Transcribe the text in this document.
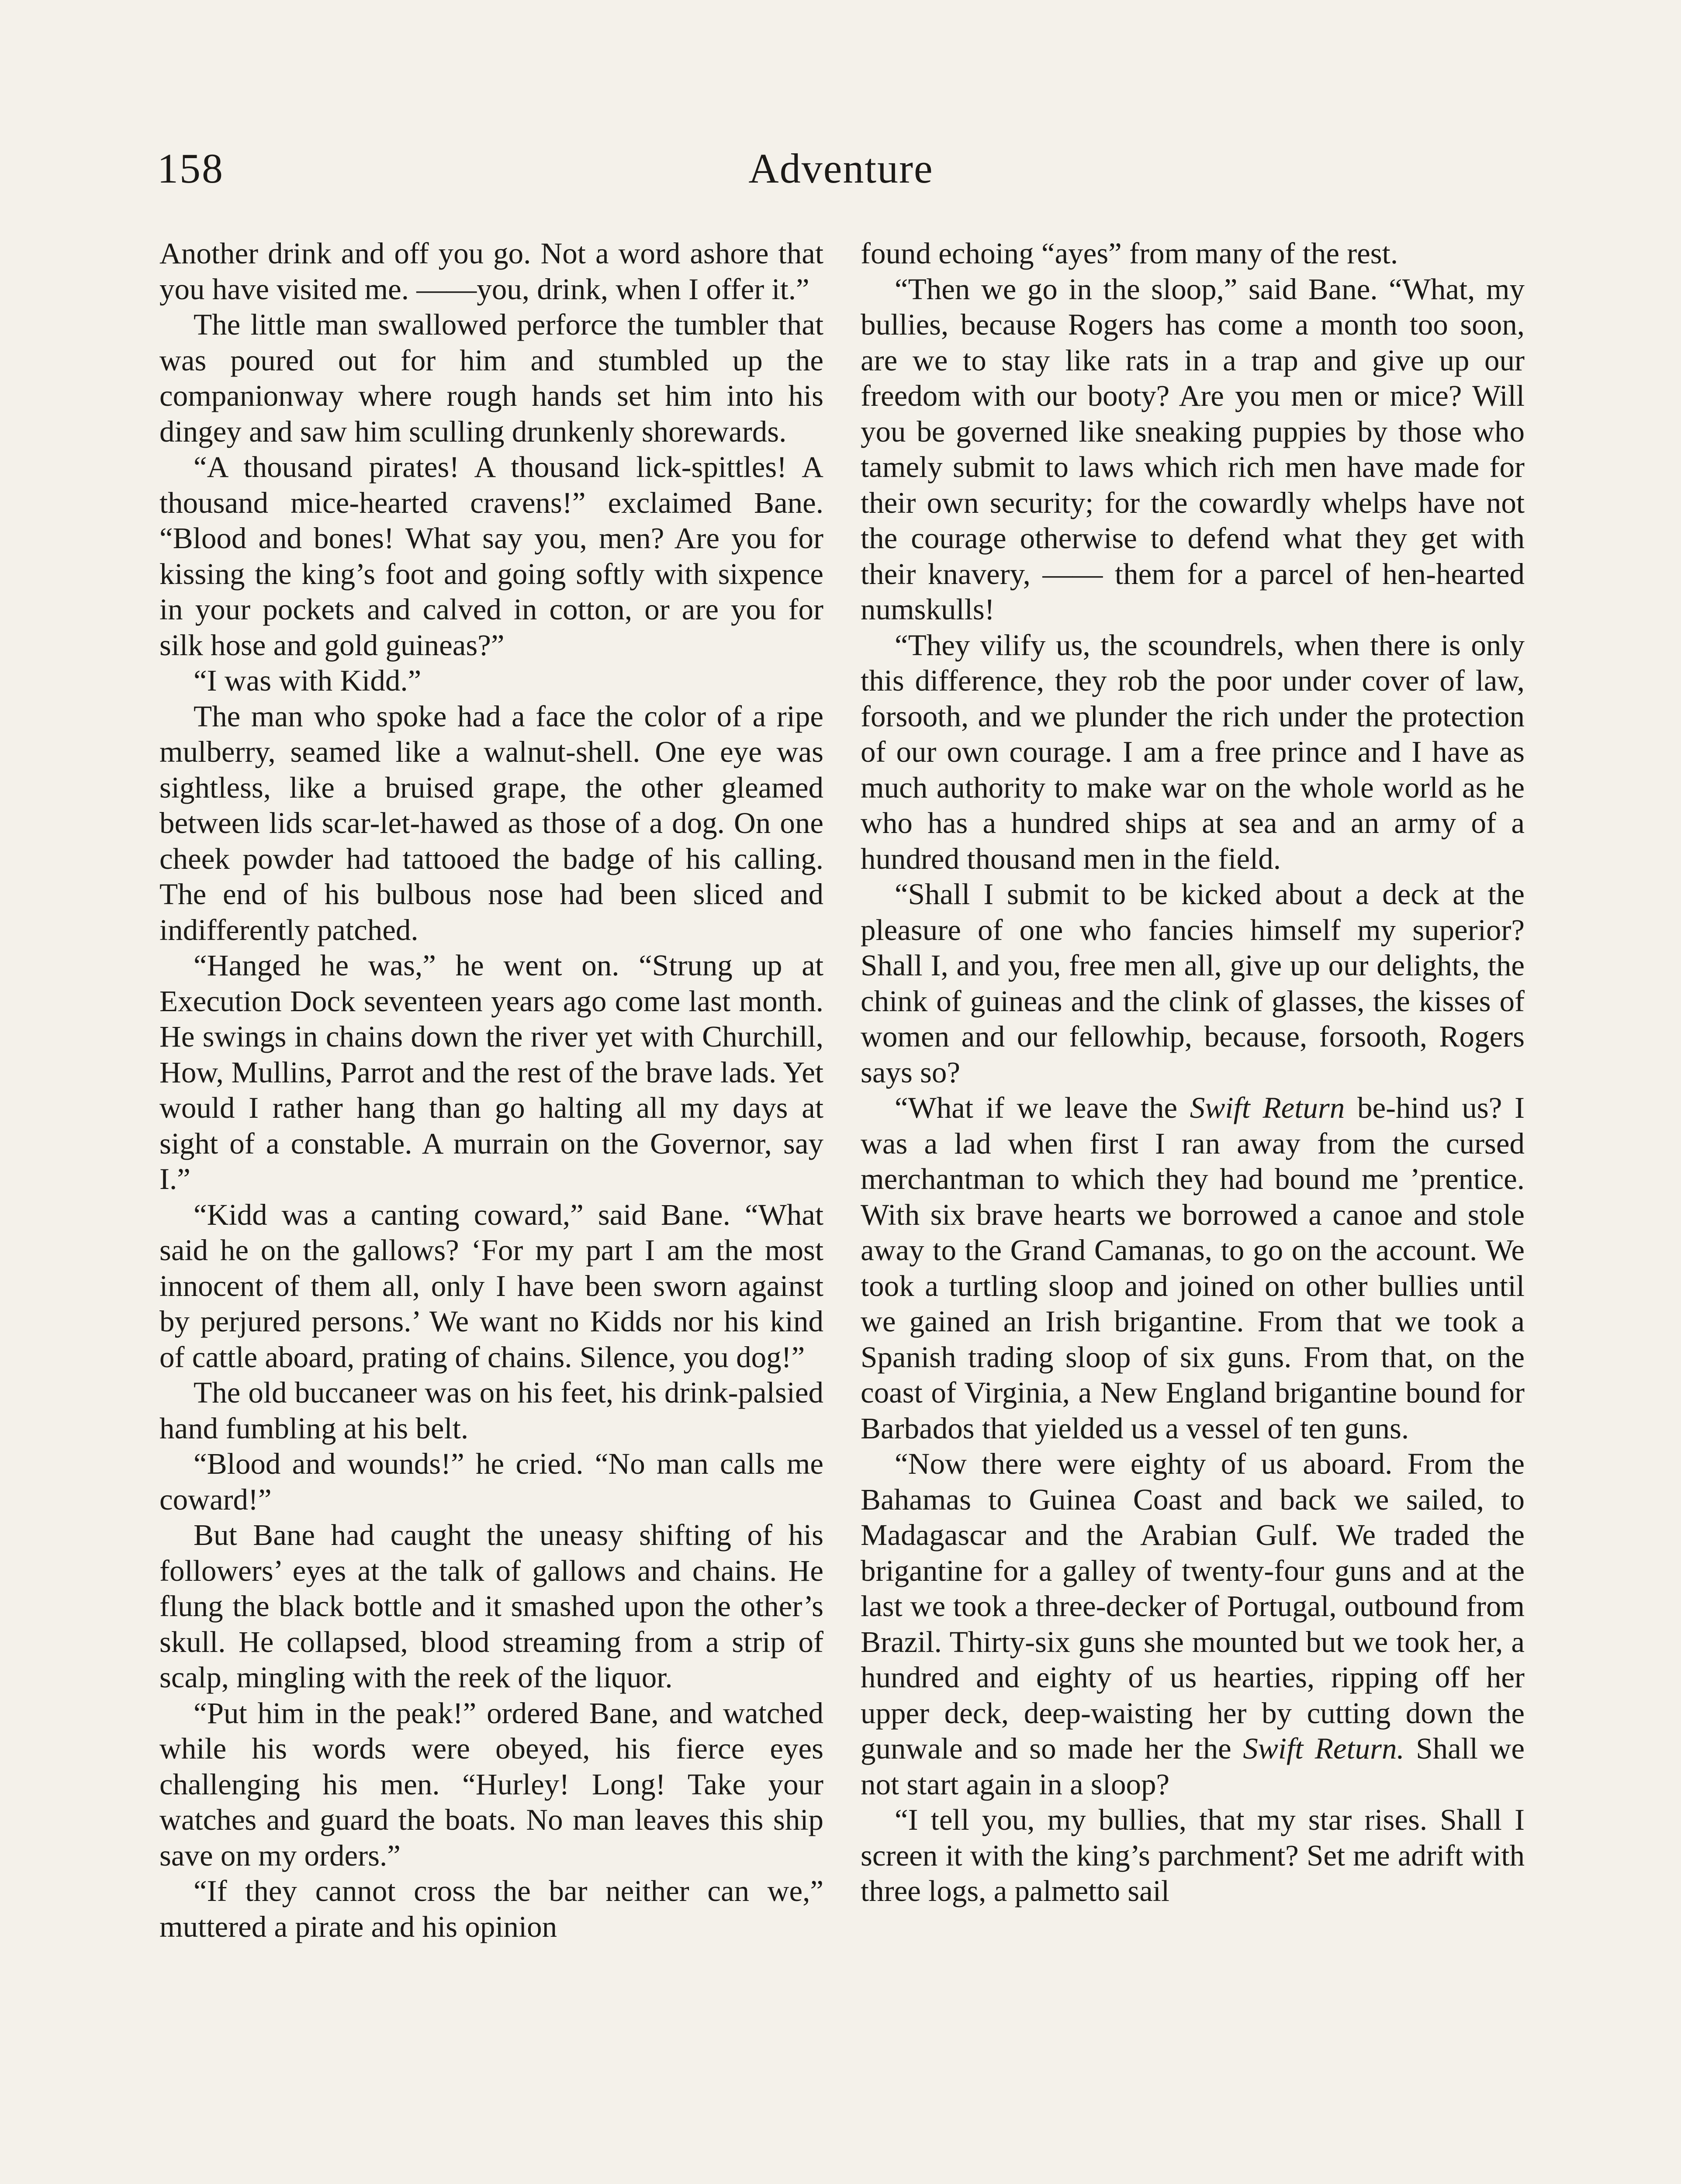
158	Adventure

Another drink and off you go. Not a word ashore that you have visited me. ——you, drink, when I offer it.”

The little man swallowed perforce the tumbler that was poured out for him and stumbled up the companionway where rough hands set him into his dingey and saw him sculling drunkenly shorewards.

“A thousand pirates! A thousand lick-spittles! A thousand mice-hearted cravens!” exclaimed Bane. “Blood and bones! What say you, men? Are you for kissing the king’s foot and going softly with sixpence in your pockets and calved in cotton, or are you for silk hose and gold guineas?”

“I was with Kidd.”

The man who spoke had a face the color of a ripe mulberry, seamed like a walnut-shell. One eye was sightless, like a bruised grape, the other gleamed between lids scar-let-hawed as those of a dog. On one cheek powder had tattooed the badge of his calling. The end of his bulbous nose had been sliced and indifferently patched.

“Hanged he was,” he went on. “Strung up at Execution Dock seventeen years ago come last month. He swings in chains down the river yet with Churchill, How, Mullins, Parrot and the rest of the brave lads. Yet would I rather hang than go halting all my days at sight of a constable. A murrain on the Governor, say I.”

“Kidd was a canting coward,” said Bane. “What said he on the gallows? ‘For my part I am the most innocent of them all, only I have been sworn against by perjured persons.’ We want no Kidds nor his kind of cattle aboard, prating of chains. Silence, you dog!”

The old buccaneer was on his feet, his drink-palsied hand fumbling at his belt.

“Blood and wounds!” he cried. “No man calls me coward!”

But Bane had caught the uneasy shifting of his followers’ eyes at the talk of gallows and chains. He flung the black bottle and it smashed upon the other’s skull. He collapsed, blood streaming from a strip of scalp, mingling with the reek of the liquor.

“Put him in the peak!” ordered Bane, and watched while his words were obeyed, his fierce eyes challenging his men. “Hurley! Long! Take your watches and guard the boats. No man leaves this ship save on my orders.”

“If they cannot cross the bar neither can we,” muttered a pirate and his opinion

found echoing “ayes” from many of the rest.

“Then we go in the sloop,” said Bane. “What, my bullies, because Rogers has come a month too soon, are we to stay like rats in a trap and give up our freedom with our booty? Are you men or mice? Will you be governed like sneaking puppies by those who tamely submit to laws which rich men have made for their own security; for the cowardly whelps have not the courage otherwise to defend what they get with their knavery, —— them for a parcel of hen-hearted numskulls!

“They vilify us, the scoundrels, when there is only this difference, they rob the poor under cover of law, forsooth, and we plunder the rich under the protection of our own courage. I am a free prince and I have as much authority to make war on the whole world as he who has a hundred ships at sea and an army of a hundred thousand men in the field.

“Shall I submit to be kicked about a deck at the pleasure of one who fancies himself my superior? Shall I, and you, free men all, give up our delights, the chink of guineas and the clink of glasses, the kisses of women and our fellowhip, because, forsooth, Rogers says so?

“What if we leave the Swift Return be-hind us? I was a lad when first I ran away from the cursed merchantman to which they had bound me ’prentice. With six brave hearts we borrowed a canoe and stole away to the Grand Camanas, to go on the account. We took a turtling sloop and joined on other bullies until we gained an Irish brigantine. From that we took a Spanish trading sloop of six guns. From that, on the coast of Virginia, a New England brigantine bound for Barbados that yielded us a vessel of ten guns.

“Now there were eighty of us aboard. From the Bahamas to Guinea Coast and back we sailed, to Madagascar and the Arabian Gulf. We traded the brigantine for a galley of twenty-four guns and at the last we took a three-decker of Portugal, outbound from Brazil. Thirty-six guns she mounted but we took her, a hundred and eighty of us hearties, ripping off her upper deck, deep-waisting her by cutting down the gunwale and so made her the Swift Return. Shall we not start again in a sloop?

“I tell you, my bullies, that my star rises. Shall I screen it with the king’s parchment? Set me adrift with three logs, a palmetto sail
